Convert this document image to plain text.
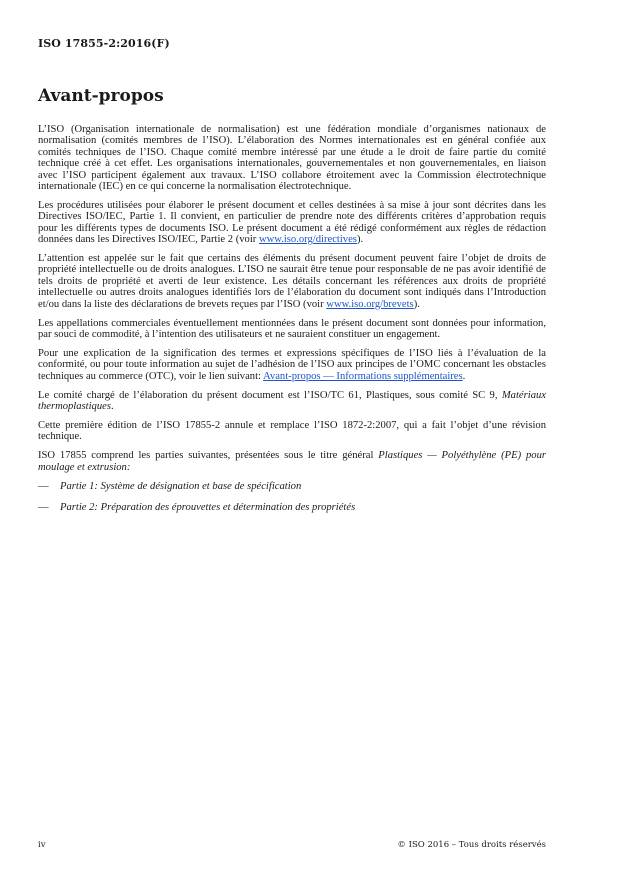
ISO 17855-2:2016(F)
Avant-propos

L’ISO (Organisation internationale de normalisation) est une fédération mondiale d’organismes nationaux de normalisation (comités membres de l’ISO). L’élaboration des Normes internationales est en général confiée aux comités techniques de l’ISO. Chaque comité membre intéressé par une étude a le droit de faire partie du comité technique créé à cet effet. Les organisations internationales, gouvernementales et non gouvernementales, en liaison avec l’ISO participent également aux travaux. L’ISO collabore étroitement avec la Commission électrotechnique internationale (IEC) en ce qui concerne la normalisation électrotechnique.

Les procédures utilisées pour élaborer le présent document et celles destinées à sa mise à jour sont décrites dans les Directives ISO/IEC, Partie 1. Il convient, en particulier de prendre note des différents critères d’approbation requis pour les différents types de documents ISO. Le présent document a été rédigé conformément aux règles de rédaction données dans les Directives ISO/IEC, Partie 2 (voir www.iso.org/directives).

L’attention est appelée sur le fait que certains des éléments du présent document peuvent faire l’objet de droits de propriété intellectuelle ou de droits analogues. L’ISO ne saurait être tenue pour responsable de ne pas avoir identifié de tels droits de propriété et averti de leur existence. Les détails concernant les références aux droits de propriété intellectuelle ou autres droits analogues identifiés lors de l’élaboration du document sont indiqués dans l’Introduction et/ou dans la liste des déclarations de brevets reçues par l’ISO (voir www.iso.org/brevets).

Les appellations commerciales éventuellement mentionnées dans le présent document sont données pour information, par souci de commodité, à l’intention des utilisateurs et ne sauraient constituer un engagement.

Pour une explication de la signification des termes et expressions spécifiques de l’ISO liés à l’évaluation de la conformité, ou pour toute information au sujet de l’adhésion de l’ISO aux principes de l’OMC concernant les obstacles techniques au commerce (OTC), voir le lien suivant: Avant-propos — Informations supplémentaires.

Le comité chargé de l’élaboration du présent document est l’ISO/TC 61, Plastiques, sous comité SC 9, Matériaux thermoplastiques.

Cette première édition de l’ISO 17855-2 annule et remplace l’ISO 1872-2:2007, qui a fait l’objet d’une révision technique.

ISO 17855 comprend les parties suivantes, présentées sous le titre général Plastiques — Polyéthylène (PE) pour moulage et extrusion:

— Partie 1: Système de désignation et base de spécification

— Partie 2: Préparation des éprouvettes et détermination des propriétés

iv	© ISO 2016 – Tous droits réservés
